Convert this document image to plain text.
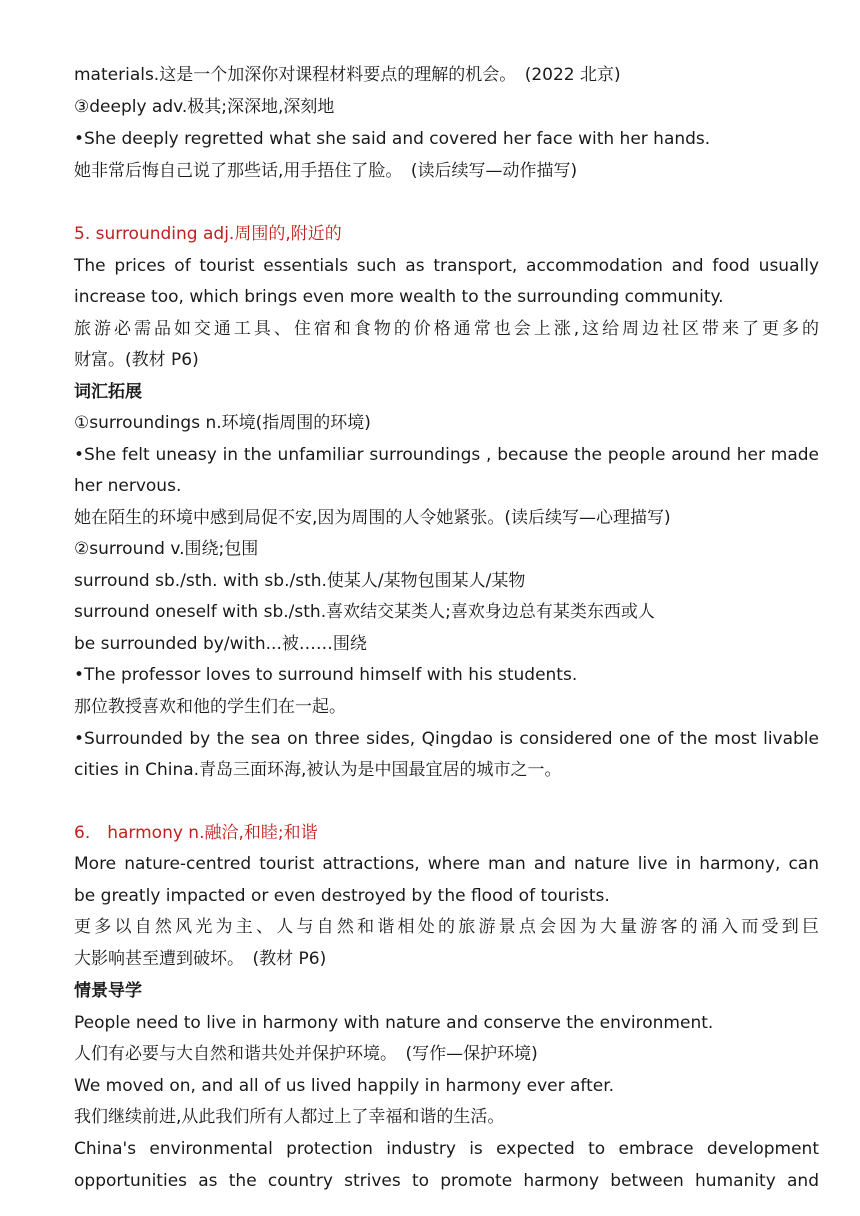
materials.这是一个加深你对课程材料要点的理解的机会。　(2022 北京)
③deeply adv.极其;深深地,深刻地
•She deeply regretted what she said and covered her face with her hands.
她非常后悔自己说了那些话,用手捂住了脸。　(读后续写—动作描写)
5. surrounding adj.周围的,附近的
The prices of tourist essentials such as transport, accommodation and food usually
increase too, which brings even more wealth to the surrounding community.
旅游必需品如交通工具、住宿和食物的价格通常也会上涨,这给周边社区带来了更多的
财富。(教材 P6)
词汇拓展
①surroundings n.环境(指周围的环境)
•She felt uneasy in the unfamiliar surroundings , because the people around her made
her nervous.
她在陌生的环境中感到局促不安,因为周围的人令她紧张。(读后续写—心理描写)
②surround v.围绕;包围
surround sb./sth. with sb./sth.使某人/某物包围某人/某物
surround oneself with sb./sth.喜欢结交某类人;喜欢身边总有某类东西或人
be surrounded by/with...被……围绕
•The professor loves to surround himself with his students.
那位教授喜欢和他的学生们在一起。
•Surrounded by the sea on three sides, Qingdao is considered one of the most livable
cities in China.青岛三面环海,被认为是中国最宜居的城市之一。
6.　harmony n.融洽,和睦;和谐
More nature-centred tourist attractions, where man and nature live in harmony, can
be greatly impacted or even destroyed by the flood of tourists.
更多以自然风光为主、人与自然和谐相处的旅游景点会因为大量游客的涌入而受到巨
大影响甚至遭到破坏。　(教材 P6)
情景导学
People need to live in harmony with nature and conserve the environment.
人们有必要与大自然和谐共处并保护环境。　(写作—保护环境)
We moved on, and all of us lived happily in harmony ever after.
我们继续前进,从此我们所有人都过上了幸福和谐的生活。
China's environmental protection industry is expected to embrace development
opportunities as the country strives to promote harmony between humanity and
